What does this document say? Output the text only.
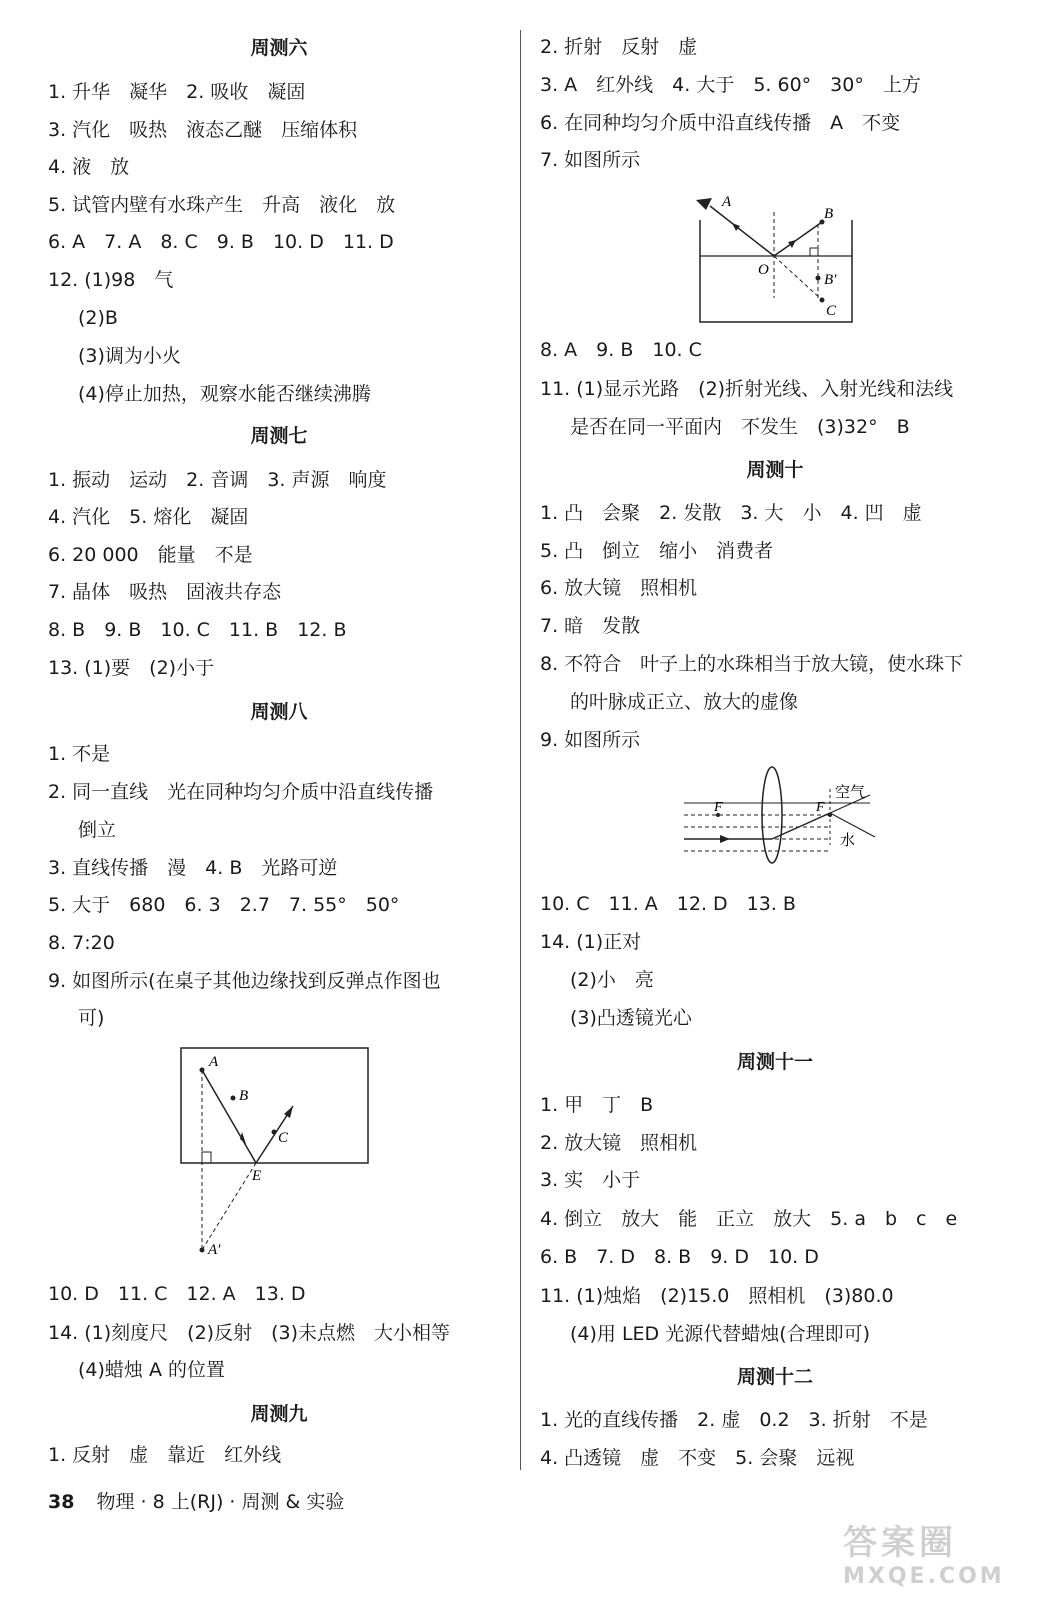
周测六
1. 升华　凝华　2. 吸收　凝固
3. 汽化　吸热　液态乙醚　压缩体积
4. 液　放
5. 试管内壁有水珠产生　升高　液化　放
6. A　7. A　8. C　9. B　10. D　11. D
12. (1)98　气
(2)B
(3)调为小火
(4)停止加热，观察水能否继续沸腾
周测七
1. 振动　运动　2. 音调　3. 声源　响度
4. 汽化　5. 熔化　凝固
6. 20 000　能量　不是
7. 晶体　吸热　固液共存态
8. B　9. B　10. C　11. B　12. B
13. (1)要　(2)小于
周测八
1. 不是
2. 同一直线　光在同种均匀介质中沿直线传播
倒立
3. 直线传播　漫　4. B　光路可逆
5. 大于　680　6. 3　2.7　7. 55°　50°
8. 7:20
9. 如图所示(在桌子其他边缘找到反弹点作图也
可)
A
B
C
E
A′
10. D　11. C　12. A　13. D
14. (1)刻度尺　(2)反射　(3)未点燃　大小相等
(4)蜡烛 A 的位置
周测九
1. 反射　虚　靠近　红外线
2. 折射　反射　虚
3. A　红外线　4. 大于　5. 60°　30°　上方
6. 在同种均匀介质中沿直线传播　A　不变
7. 如图所示
A
B
O
B′
C
8. A　9. B　10. C
11. (1)显示光路　(2)折射光线、入射光线和法线
是否在同一平面内　不发生　(3)32°　B
周测十
1. 凸　会聚　2. 发散　3. 大　小　4. 凹　虚
5. 凸　倒立　缩小　消费者
6. 放大镜　照相机
7. 暗　发散
8. 不符合　叶子上的水珠相当于放大镜，使水珠下
的叶脉成正立、放大的虚像
9. 如图所示
F	F
空气
水
10. C　11. A　12. D　13. B
14. (1)正对
(2)小　亮
(3)凸透镜光心
周测十一
1. 甲　丁　B
2. 放大镜　照相机
3. 实　小于
4. 倒立　放大　能　正立　放大　5. a　b　c　e
6. B　7. D　8. B　9. D　10. D
11. (1)烛焰　(2)15.0　照相机　(3)80.0
(4)用 LED 光源代替蜡烛(合理即可)
周测十二
1. 光的直线传播　2. 虚　0.2　3. 折射　不是
4. 凸透镜　虚　不变　5. 会聚　远视
38 物理 · 8 上(RJ) · 周测 & 实验
答案圈
MXQE.COM
